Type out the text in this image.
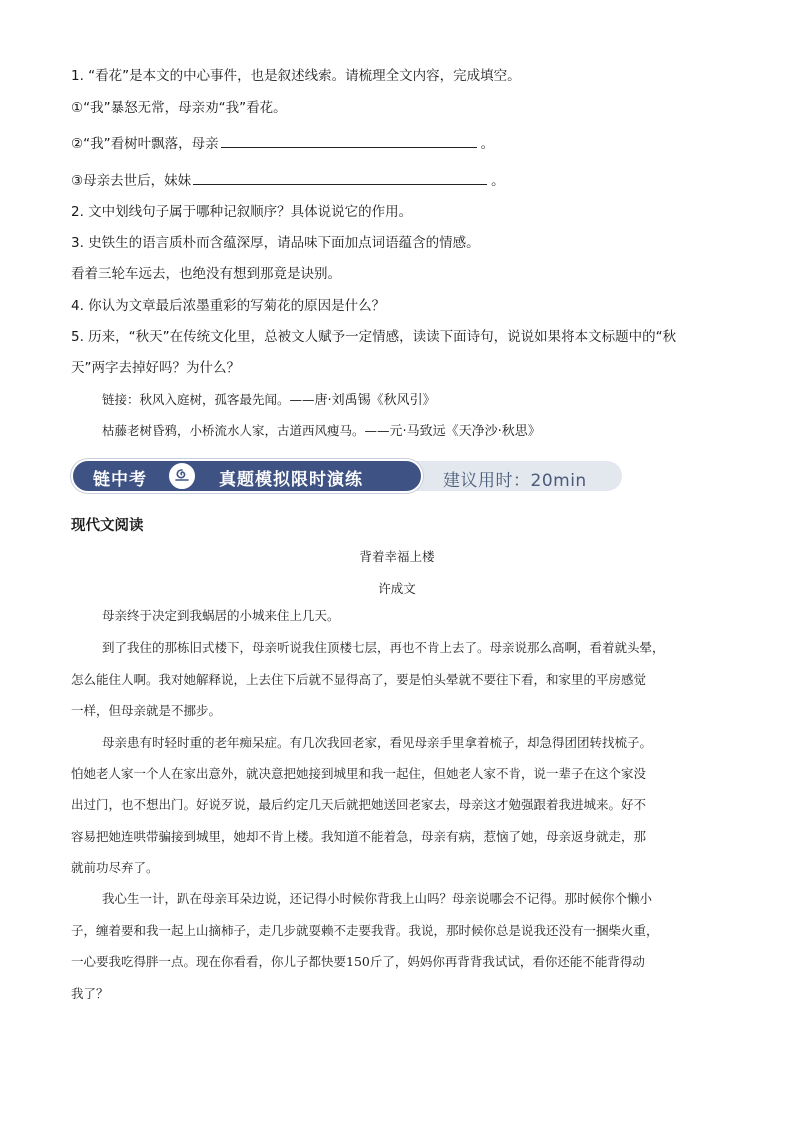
1. “看花”是本文的中心事件，也是叙述线索。请梳理全文内容，完成填空。
①“我”暴怒无常，母亲劝“我”看花。
②“我”看树叶飘落，母亲	。
③母亲去世后，妹妹	。
2. 文中划线句子属于哪种记叙顺序？具体说说它的作用。
3. 史铁生的语言质朴而含蕴深厚，请品味下面加点词语蕴含的情感。
看着三轮车远去，也绝没有想到那竟是诀别。
4. 你认为文章最后浓墨重彩的写菊花的原因是什么？
5. 历来，“秋天”在传统文化里，总被文人赋予一定情感，读读下面诗句，说说如果将本文标题中的“秋
天”两字去掉好吗？为什么？
链接：秋风入庭树，孤客最先闻。——唐·刘禹锡《秋风引》
枯藤老树昏鸦，小桥流水人家，古道西风瘦马。——元·马致远《天净沙·秋思》
链中考	真题模拟限时演练	建议用时：20min
现代文阅读
背着幸福上楼
许成文
母亲终于决定到我蜗居的小城来住上几天。
到了我住的那栋旧式楼下，母亲听说我住顶楼七层，再也不肯上去了。母亲说那么高啊，看着就头晕，
怎么能住人啊。我对她解释说，上去住下后就不显得高了，要是怕头晕就不要往下看，和家里的平房感觉
一样，但母亲就是不挪步。
母亲患有时轻时重的老年痴呆症。有几次我回老家，看见母亲手里拿着梳子，却急得团团转找梳子。
怕她老人家一个人在家出意外，就决意把她接到城里和我一起住，但她老人家不肯，说一辈子在这个家没
出过门，也不想出门。好说歹说，最后约定几天后就把她送回老家去，母亲这才勉强跟着我进城来。好不
容易把她连哄带骗接到城里，她却不肯上楼。我知道不能着急，母亲有病，惹恼了她，母亲返身就走，那
就前功尽弃了。
我心生一计，趴在母亲耳朵边说，还记得小时候你背我上山吗？母亲说哪会不记得。那时候你个懒小
子，缠着要和我一起上山摘柿子，走几步就耍赖不走要我背。我说，那时候你总是说我还没有一捆柴火重，
一心要我吃得胖一点。现在你看看，你儿子都快要150斤了，妈妈你再背背我试试，看你还能不能背得动
我了？
